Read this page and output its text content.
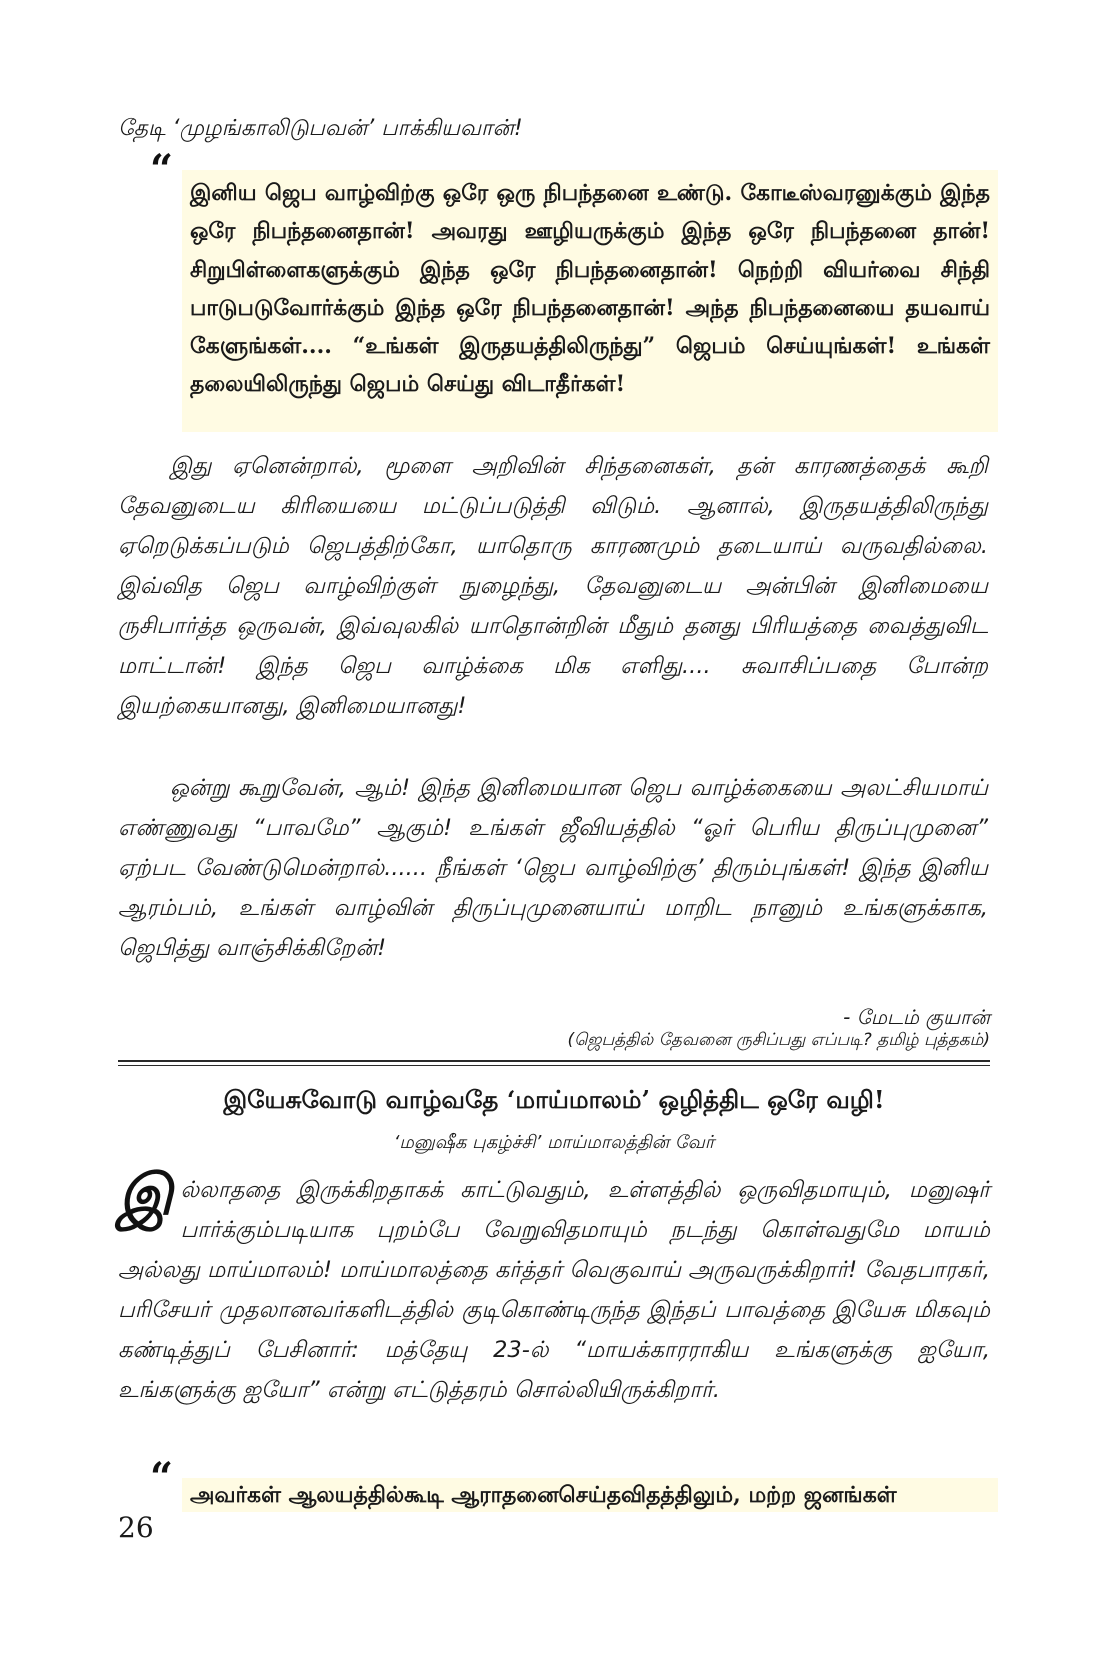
தேடி ‘முழங்காலிடுபவன்’ பாக்கியவான்!
“ இனிய ஜெப வாழ்விற்கு ஒரே ஒரு நிபந்தனை உண்டு. கோடீஸ்வரனுக்கும் இந்த ஒரே நிபந்தனைதான்! அவரது ஊழியருக்கும் இந்த ஒரே நிபந்தனை தான்! சிறுபிள்ளைகளுக்கும் இந்த ஒரே நிபந்தனைதான்! நெற்றி வியர்வை சிந்தி பாடுபடுவோர்க்கும் இந்த ஒரே நிபந்தனைதான்! அந்த நிபந்தனையை தயவாய் கேளுங்கள்.... “உங்கள் இருதயத்திலிருந்து” ஜெபம் செய்யுங்கள்! உங்கள் தலையிலிருந்து ஜெபம் செய்து விடாதீர்கள்!

இது ஏனென்றால், மூளை அறிவின் சிந்தனைகள், தன் காரணத்தைக் கூறி தேவனுடைய கிரியையை மட்டுப்படுத்தி விடும். ஆனால், இருதயத்திலிருந்து ஏறெடுக்கப்படும் ஜெபத்திற்கோ, யாதொரு காரணமும் தடையாய் வருவதில்லை. இவ்வித ஜெப வாழ்விற்குள் நுழைந்து, தேவனுடைய அன்பின் இனிமையை ருசிபார்த்த ஒருவன், இவ்வுலகில் யாதொன்றின் மீதும் தனது பிரியத்தை வைத்துவிட மாட்டான்! இந்த ஜெப வாழ்க்கை மிக எளிது.... சுவாசிப்பதை போன்ற இயற்கையானது, இனிமையானது!

ஒன்று கூறுவேன், ஆம்! இந்த இனிமையான ஜெப வாழ்க்கையை அலட்சியமாய் எண்ணுவது “பாவமே” ஆகும்! உங்கள் ஜீவியத்தில் “ஓர் பெரிய திருப்புமுனை” ஏற்பட வேண்டுமென்றால்...... நீங்கள் ‘ஜெப வாழ்விற்கு’ திரும்புங்கள்! இந்த இனிய ஆரம்பம், உங்கள் வாழ்வின் திருப்புமுனையாய் மாறிட நானும் உங்களுக்காக, ஜெபித்து வாஞ்சிக்கிறேன்!

- மேடம் குயான்
(ஜெபத்தில் தேவனை ருசிப்பது எப்படி? தமிழ் புத்தகம்)
இயேசுவோடு வாழ்வதே ‘மாய்மாலம்’ ஒழித்திட ஒரே வழி!
‘மனுஷீக புகழ்ச்சி’ மாய்மாலத்தின் வேர்

இல்லாததை இருக்கிறதாகக் காட்டுவதும், உள்ளத்தில் ஒருவிதமாயும், மனுஷர் பார்க்கும்படியாக புறம்பே வேறுவிதமாயும் நடந்து கொள்வதுமே மாயம் அல்லது மாய்மாலம்! மாய்மாலத்தை கர்த்தர் வெகுவாய் அருவருக்கிறார்! வேதபாரகர், பரிசேயர் முதலானவர்களிடத்தில் குடிகொண்டிருந்த இந்தப் பாவத்தை இயேசு மிகவும் கண்டித்துப் பேசினார்: மத்தேயு 23-ல் “மாயக்காரராகிய உங்களுக்கு ஐயோ, உங்களுக்கு ஐயோ” என்று எட்டுத்தரம் சொல்லியிருக்கிறார்.

“ அவர்கள் ஆலயத்தில்கூடி ஆராதனைசெய்தவிதத்திலும், மற்ற ஜனங்கள்

26
